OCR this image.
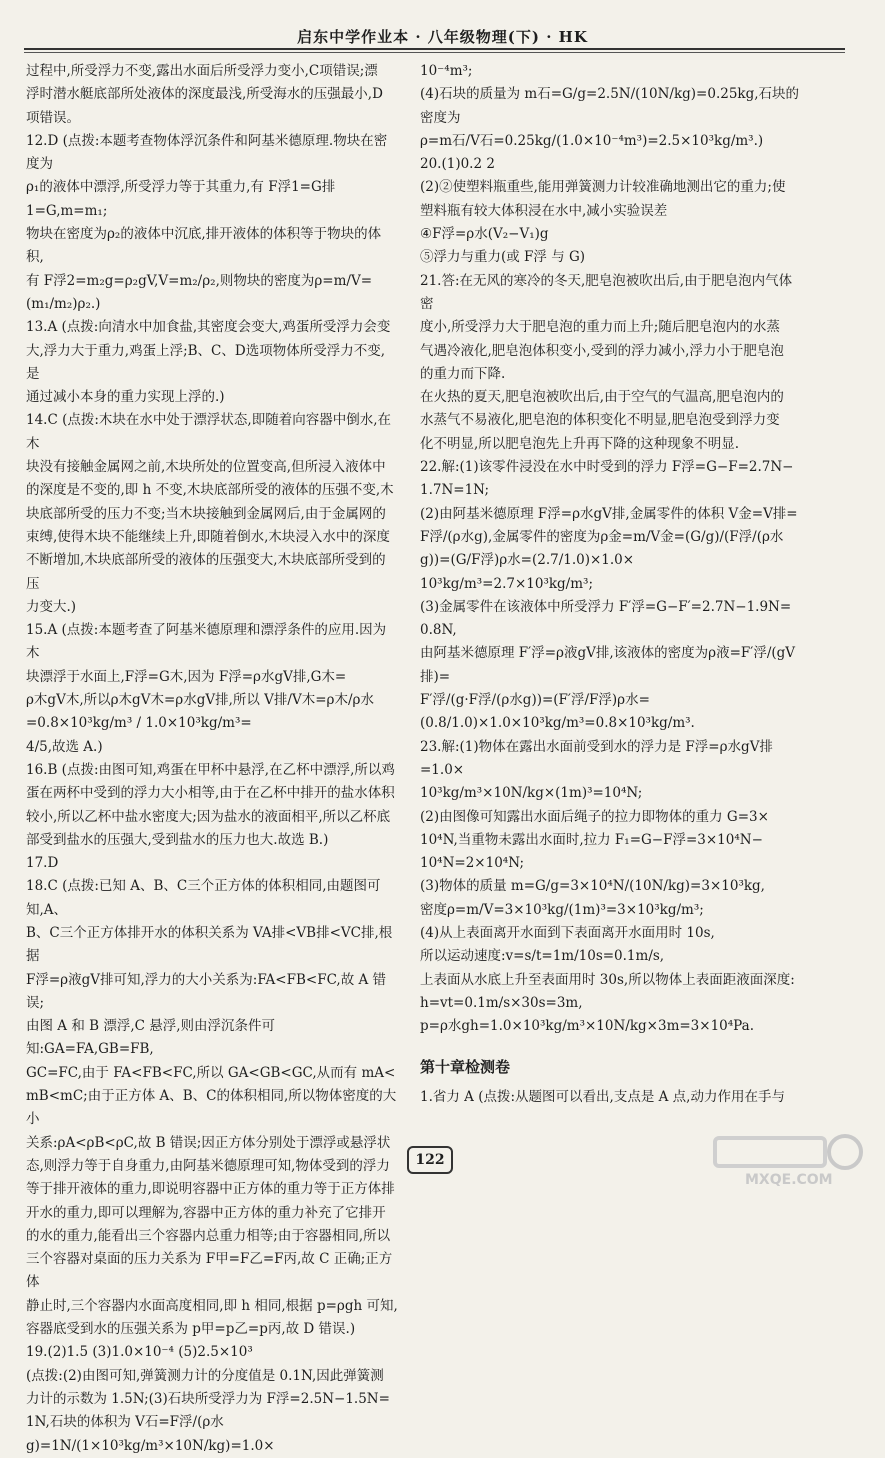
启东中学作业本 · 八年级物理(下) · HK

过程中,所受浮力不变,露出水面后所受浮力变小,C项错误;漂

浮时潜水艇底部所处液体的深度最浅,所受海水的压强最小,D

项错误。

12.D (点拨:本题考查物体浮沉条件和阿基米德原理.物块在密度为

ρ₁的液体中漂浮,所受浮力等于其重力,有 F浮1=G排1=G,m=m₁;

物块在密度为ρ₂的液体中沉底,排开液体的体积等于物块的体积,

有 F浮2=m₂g=ρ₂gV,V=m₂/ρ₂,则物块的密度为ρ=m/V=(m₁/m₂)ρ₂.)

13.A (点拨:向清水中加食盐,其密度会变大,鸡蛋所受浮力会变

大,浮力大于重力,鸡蛋上浮;B、C、D选项物体所受浮力不变,是

通过减小本身的重力实现上浮的.)

14.C (点拨:木块在水中处于漂浮状态,即随着向容器中倒水,在木

块没有接触金属网之前,木块所处的位置变高,但所浸入液体中

的深度是不变的,即 h 不变,木块底部所受的液体的压强不变,木

块底部所受的压力不变;当木块接触到金属网后,由于金属网的

束缚,使得木块不能继续上升,即随着倒水,木块浸入水中的深度

不断增加,木块底部所受的液体的压强变大,木块底部所受到的压

力变大.)

15.A (点拨:本题考查了阿基米德原理和漂浮条件的应用.因为木

块漂浮于水面上,F浮=G木,因为 F浮=ρ水gV排,G木=

ρ木gV木,所以ρ木gV木=ρ水gV排,所以 V排/V木=ρ木/ρ水=0.8×10³kg/m³ / 1.0×10³kg/m³=

4/5,故选 A.)

16.B (点拨:由图可知,鸡蛋在甲杯中悬浮,在乙杯中漂浮,所以鸡

蛋在两杯中受到的浮力大小相等,由于在乙杯中排开的盐水体积

较小,所以乙杯中盐水密度大;因为盐水的液面相平,所以乙杯底

部受到盐水的压强大,受到盐水的压力也大.故选 B.)

17.D

18.C (点拨:已知 A、B、C三个正方体的体积相同,由题图可知,A、

B、C三个正方体排开水的体积关系为 VA排<VB排<VC排,根据

F浮=ρ液gV排可知,浮力的大小关系为:FA<FB<FC,故 A 错误;

由图 A 和 B 漂浮,C 悬浮,则由浮沉条件可知:GA=FA,GB=FB,

GC=FC,由于 FA<FB<FC,所以 GA<GB<GC,从而有 mA<

mB<mC;由于正方体 A、B、C的体积相同,所以物体密度的大小

关系:ρA<ρB<ρC,故 B 错误;因正方体分别处于漂浮或悬浮状

态,则浮力等于自身重力,由阿基米德原理可知,物体受到的浮力

等于排开液体的重力,即说明容器中正方体的重力等于正方体排

开水的重力,即可以理解为,容器中正方体的重力补充了它排开

的水的重力,能看出三个容器内总重力相等;由于容器相同,所以

三个容器对桌面的压力关系为 F甲=F乙=F丙,故 C 正确;正方体

静止时,三个容器内水面高度相同,即 h 相同,根据 p=ρgh 可知,

容器底受到水的压强关系为 p甲=p乙=p丙,故 D 错误.)

19.(2)1.5 (3)1.0×10⁻⁴ (5)2.5×10³

(点拨:(2)由图可知,弹簧测力计的分度值是 0.1N,因此弹簧测

力计的示数为 1.5N;(3)石块所受浮力为 F浮=2.5N−1.5N=

1N,石块的体积为 V石=F浮/(ρ水g)=1N/(1×10³kg/m³×10N/kg)=1.0×

10⁻⁴m³;

(4)石块的质量为 m石=G/g=2.5N/(10N/kg)=0.25kg,石块的密度为

ρ=m石/V石=0.25kg/(1.0×10⁻⁴m³)=2.5×10³kg/m³.)

20.(1)0.2 2

(2)②使塑料瓶重些,能用弹簧测力计较准确地测出它的重力;使

塑料瓶有较大体积浸在水中,减小实验误差

④F浮=ρ水(V₂−V₁)g

⑤浮力与重力(或 F浮 与 G)

21.答:在无风的寒冷的冬天,肥皂泡被吹出后,由于肥皂泡内气体密

度小,所受浮力大于肥皂泡的重力而上升;随后肥皂泡内的水蒸

气遇冷液化,肥皂泡体积变小,受到的浮力减小,浮力小于肥皂泡

的重力而下降.

在火热的夏天,肥皂泡被吹出后,由于空气的气温高,肥皂泡内的

水蒸气不易液化,肥皂泡的体积变化不明显,肥皂泡受到浮力变

化不明显,所以肥皂泡先上升再下降的这种现象不明显.

22.解:(1)该零件浸没在水中时受到的浮力 F浮=G−F=2.7N−

1.7N=1N;

(2)由阿基米德原理 F浮=ρ水gV排,金属零件的体积 V金=V排=

F浮/(ρ水g),金属零件的密度为ρ金=m/V金=(G/g)/(F浮/(ρ水g))=(G/F浮)ρ水=(2.7/1.0)×1.0×

10³kg/m³=2.7×10³kg/m³;

(3)金属零件在该液体中所受浮力 F′浮=G−F′=2.7N−1.9N=

0.8N,

由阿基米德原理 F′浮=ρ液gV排,该液体的密度为ρ液=F′浮/(gV排)=

F′浮/(g·F浮/(ρ水g))=(F′浮/F浮)ρ水=(0.8/1.0)×1.0×10³kg/m³=0.8×10³kg/m³.

23.解:(1)物体在露出水面前受到水的浮力是 F浮=ρ水gV排=1.0×

10³kg/m³×10N/kg×(1m)³=10⁴N;

(2)由图像可知露出水面后绳子的拉力即物体的重力 G=3×

10⁴N,当重物未露出水面时,拉力 F₁=G−F浮=3×10⁴N−

10⁴N=2×10⁴N;

(3)物体的质量 m=G/g=3×10⁴N/(10N/kg)=3×10³kg,

密度ρ=m/V=3×10³kg/(1m)³=3×10³kg/m³;

(4)从上表面离开水面到下表面离开水面用时 10s,

所以运动速度:v=s/t=1m/10s=0.1m/s,

上表面从水底上升至表面用时 30s,所以物体上表面距液面深度:

h=vt=0.1m/s×30s=3m,

p=ρ水gh=1.0×10³kg/m³×10N/kg×3m=3×10⁴Pa.

第十章检测卷

1.省力 A (点拨:从题图可以看出,支点是 A 点,动力作用在手与

122
MXQE.COM
